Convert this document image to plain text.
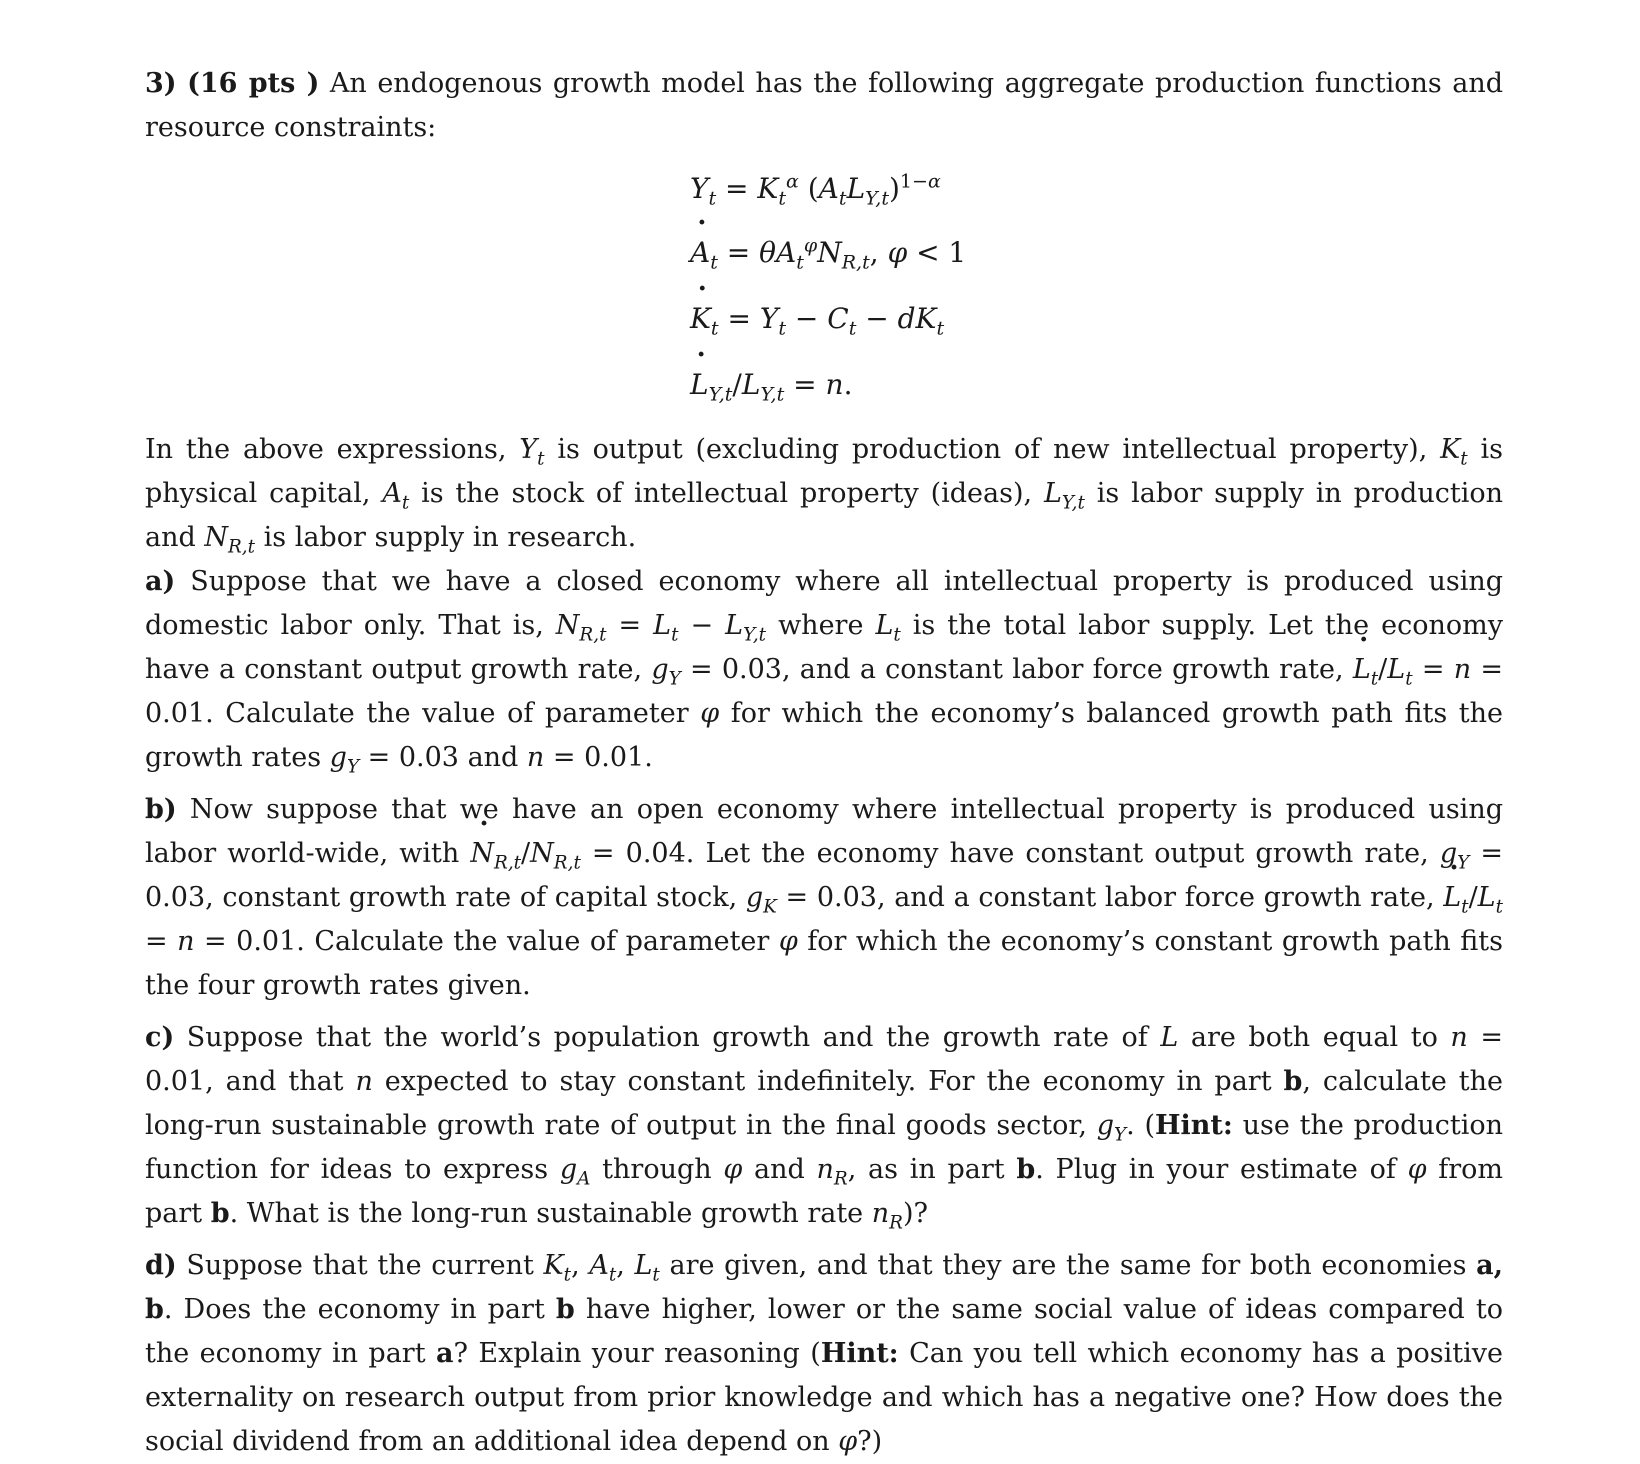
3) (16 pts ) An endogenous growth model has the following aggregate production functions and resource constraints:

$Y_t = K_t^\alpha$ $(A_tL_{Y,t})^{1-\alpha}$
· $A_t = \theta A_t^\varphi N_{R,t}$, φ < 1
· $K_t = Y_t - C_t - dK_t$
· $L_{Y,t}/L_{Y,t} = n$.

In the above expressions, $Y_t$ is output (excluding production of new intellectual property), $K_t$ is physical capital, $A_t$ is the stock of intellectual property (ideas), $L_{Y,t}$ is labor supply in production and $N_{R,t}$ is labor supply in research.

a) Suppose that we have a closed economy where all intellectual property is produced using domestic labor only. That is, $N_{R,t} = L_t - L_{Y,t}$ where $L_t$ is the total labor supply. Let the economy have a constant output growth rate, $g_Y = 0.03$, and a constant labor force growth rate, · $L_t/L_t = n = 0.01$. Calculate the value of parameter φ for which the economy’s balanced growth path fits the growth rates $g_Y = 0.03$ and n = 0.01.

b) Now suppose that we have an open economy where intellectual property is produced using labor world-wide, with · $N_{R,t}/N_{R,t} = 0.04$. Let the economy have constant output growth rate, $g_Y = 0.03$, constant growth rate of capital stock, $g_K = 0.03$, and a constant labor force growth rate, · $L_t/L_t = n = 0.01$. Calculate the value of parameter φ for which the economy’s constant growth path fits the four growth rates given.

c) Suppose that the world’s population growth and the growth rate of L are both equal to n = 0.01, and that n expected to stay constant indefinitely. For the economy in part b, calculate the long-run sustainable growth rate of output in the final goods sector, $g_Y$. (Hint: use the production function for ideas to express $g_A$ through φ and $n_R$, as in part b. Plug in your estimate of φ from part b. What is the long-run sustainable growth rate $n_R$)?

d) Suppose that the current $K_t$, $A_t$, $L_t$ are given, and that they are the same for both economies a, b. Does the economy in part b have higher, lower or the same social value of ideas compared to the economy in part a? Explain your reasoning (Hint: Can you tell which economy has a positive externality on research output from prior knowledge and which has a negative one? How does the social dividend from an additional idea depend on φ?)
